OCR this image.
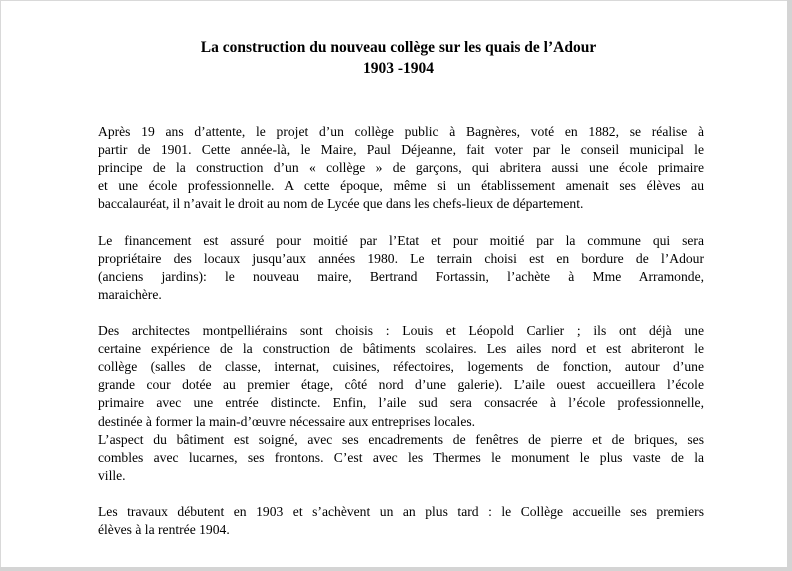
La construction du nouveau collège sur les quais de l’Adour
1903 -1904
Après 19 ans d’attente, le projet d’un collège public à Bagnères, voté en 1882, se réalise à
partir de 1901. Cette année-là, le Maire, Paul Déjeanne, fait voter par le conseil municipal le
principe de la construction d’un « collège » de garçons, qui abritera aussi une école primaire
et une école professionnelle. A cette époque, même si un établissement amenait ses élèves au
baccalauréat, il n’avait le droit au nom de Lycée que dans les chefs-lieux de département.
Le financement est assuré pour moitié par l’Etat et pour moitié par la commune qui sera
propriétaire des locaux jusqu’aux années 1980. Le terrain choisi est en bordure de l’Adour
(anciens jardins): le nouveau maire, Bertrand Fortassin, l’achète à Mme Arramonde,
maraichère.
Des architectes montpelliérains sont choisis : Louis et Léopold Carlier ; ils ont déjà une
certaine expérience de la construction de bâtiments scolaires. Les ailes nord et est abriteront le
collège (salles de classe, internat, cuisines, réfectoires, logements de fonction, autour d’une
grande cour dotée au premier étage, côté nord d’une galerie). L’aile ouest accueillera l’école
primaire avec une entrée distincte. Enfin, l’aile sud sera consacrée à l’école professionnelle,
destinée à former la main-d’œuvre nécessaire aux entreprises locales.
L’aspect du bâtiment est soigné, avec ses encadrements de fenêtres de pierre et de briques, ses
combles avec lucarnes, ses frontons. C’est avec les Thermes le monument le plus vaste de la
ville.
Les travaux débutent en 1903 et s’achèvent un an plus tard : le Collège accueille ses premiers
élèves à la rentrée 1904.
